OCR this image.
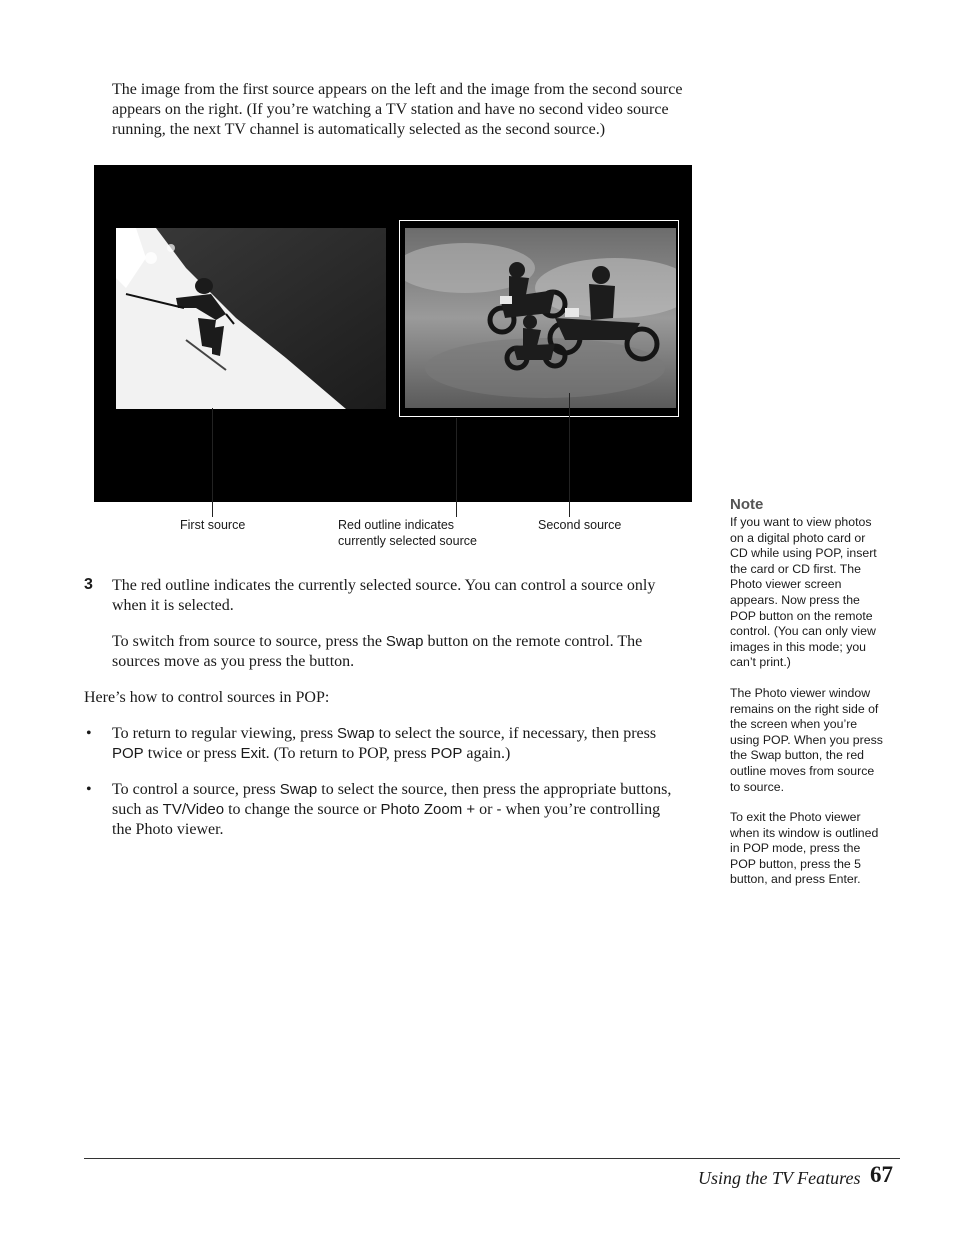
The image from the first source appears on the left and the image from the second source
appears on the right. (If you’re watching a TV station and have no second video source
running, the next TV channel is automatically selected as the second source.)
First source	Red outline indicates
currently selected source
Second source
3 The red outline indicates the currently selected source. You can control a source only
when it is selected.
To switch from source to source, press the Swap button on the remote control. The
sources move as you press the button.
Here’s how to control sources in POP:
• To return to regular viewing, press Swap to select the source, if necessary, then press
POP twice or press Exit. (To return to POP, press POP again.)
• To control a source, press Swap to select the source, then press the appropriate buttons,
such as TV/Video to change the source or Photo Zoom + or - when you’re controlling
the Photo viewer.
Note
If you want to view photos
on a digital photo card or
CD while using POP, insert
the card or CD first. The
Photo viewer screen
appears. Now press the
POP button on the remote
control. (You can only view
images in this mode; you
can’t print.)
The Photo viewer window
remains on the right side of
the screen when you’re
using POP. When you press
the Swap button, the red
outline moves from source
to source.
To exit the Photo viewer
when its window is outlined
in POP mode, press the
POP button, press the 5
button, and press Enter.
Using the TV Features 67
